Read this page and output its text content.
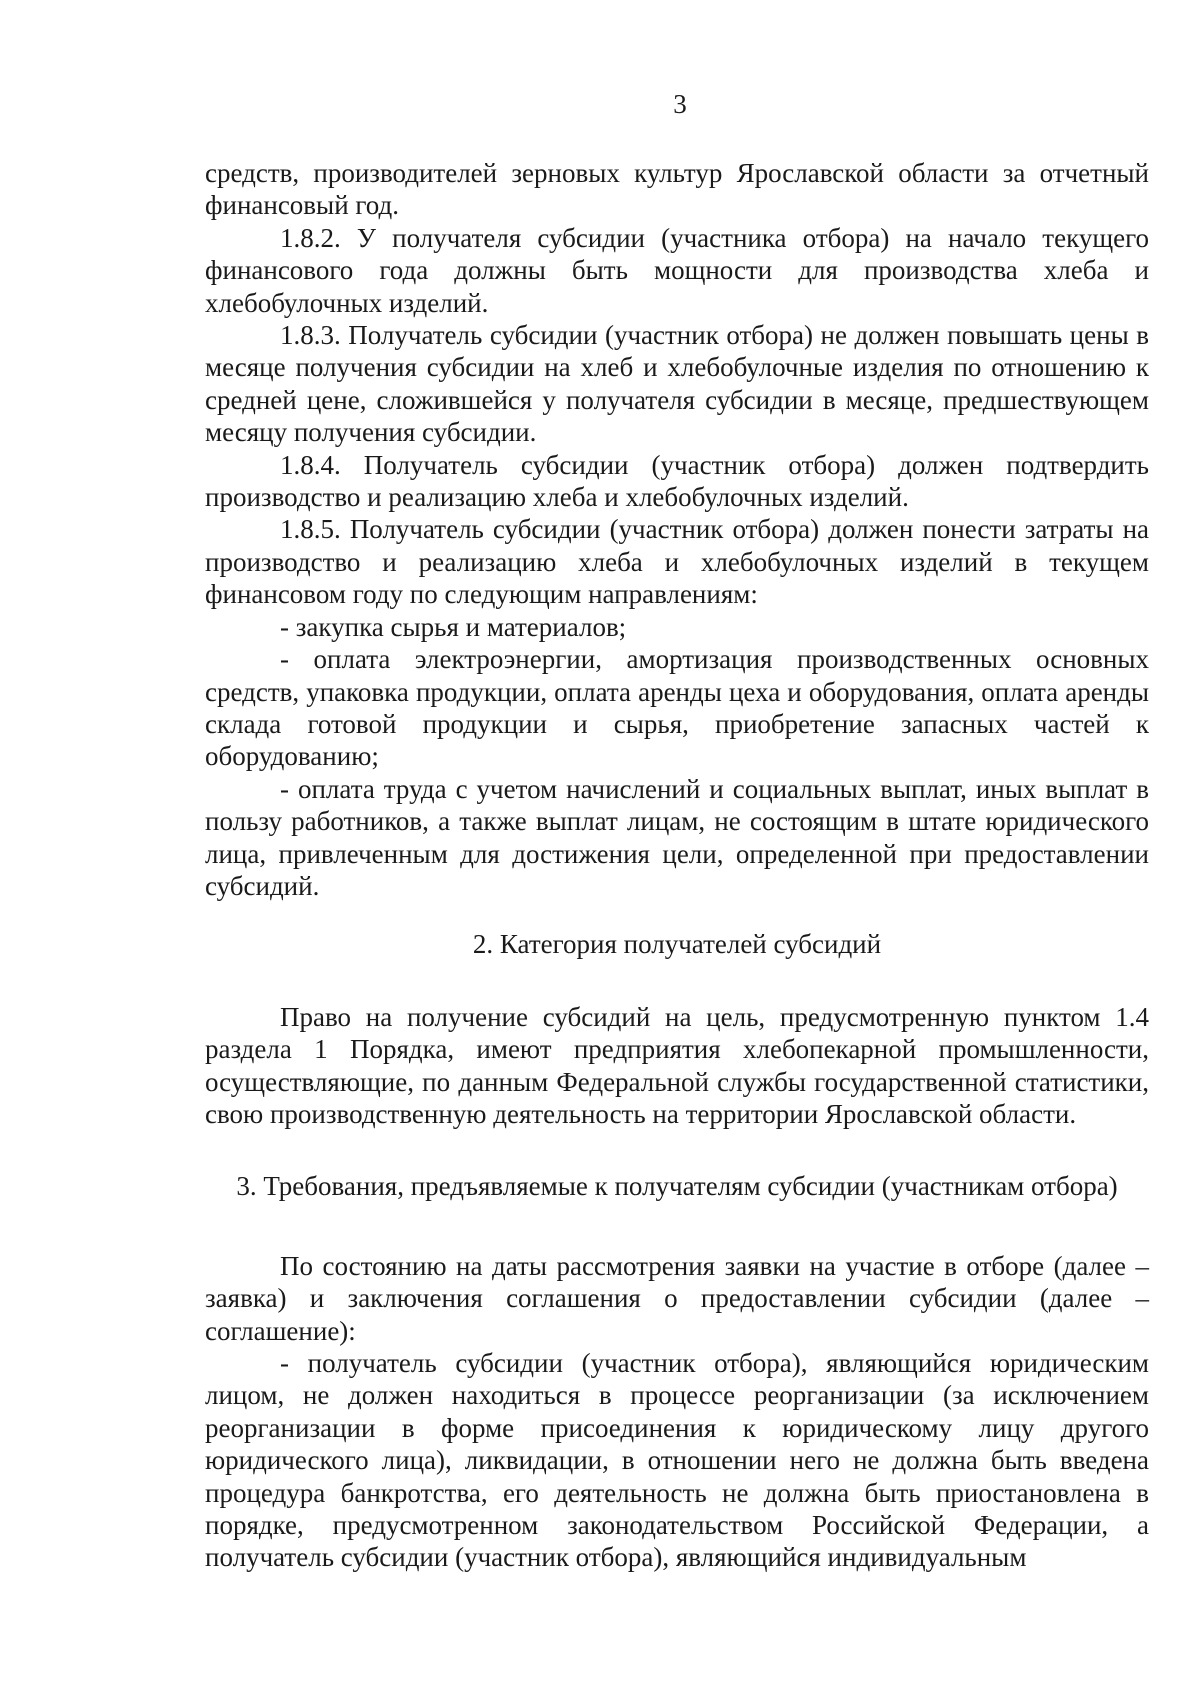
3

средств, производителей зерновых культур Ярославской области за отчетный финансовый год.

1.8.2. У получателя субсидии (участника отбора) на начало текущего финансового года должны быть мощности для производства хлеба и хлебобулочных изделий.

1.8.3. Получатель субсидии (участник отбора) не должен повышать цены в месяце получения субсидии на хлеб и хлебобулочные изделия по отношению к средней цене, сложившейся у получателя субсидии в месяце, предшествующем месяцу получения субсидии.

1.8.4. Получатель субсидии (участник отбора) должен подтвердить производство и реализацию хлеба и хлебобулочных изделий.

1.8.5. Получатель субсидии (участник отбора) должен понести затраты на производство и реализацию хлеба и хлебобулочных изделий в текущем финансовом году по следующим направлениям:

- закупка сырья и материалов;

- оплата электроэнергии, амортизация производственных основных средств, упаковка продукции, оплата аренды цеха и оборудования, оплата аренды склада готовой продукции и сырья, приобретение запасных частей к оборудованию;

- оплата труда с учетом начислений и социальных выплат, иных выплат в пользу работников, а также выплат лицам, не состоящим в штате юридического лица, привлеченным для достижения цели, определенной при предоставлении субсидий.

2. Категория получателей субсидий

Право на получение субсидий на цель, предусмотренную пунктом 1.4 раздела 1 Порядка, имеют предприятия хлебопекарной промышленности, осуществляющие, по данным Федеральной службы государственной статистики, свою производственную деятельность на территории Ярославской области.

3. Требования, предъявляемые к получателям субсидии (участникам отбора)

По состоянию на даты рассмотрения заявки на участие в отборе (далее – заявка) и заключения соглашения о предоставлении субсидии (далее – соглашение):

- получатель субсидии (участник отбора), являющийся юридическим лицом, не должен находиться в процессе реорганизации (за исключением реорганизации в форме присоединения к юридическому лицу другого юридического лица), ликвидации, в отношении него не должна быть введена процедура банкротства, его деятельность не должна быть приостановлена в порядке, предусмотренном законодательством Российской Федерации, а получатель субсидии (участник отбора), являющийся индивидуальным
